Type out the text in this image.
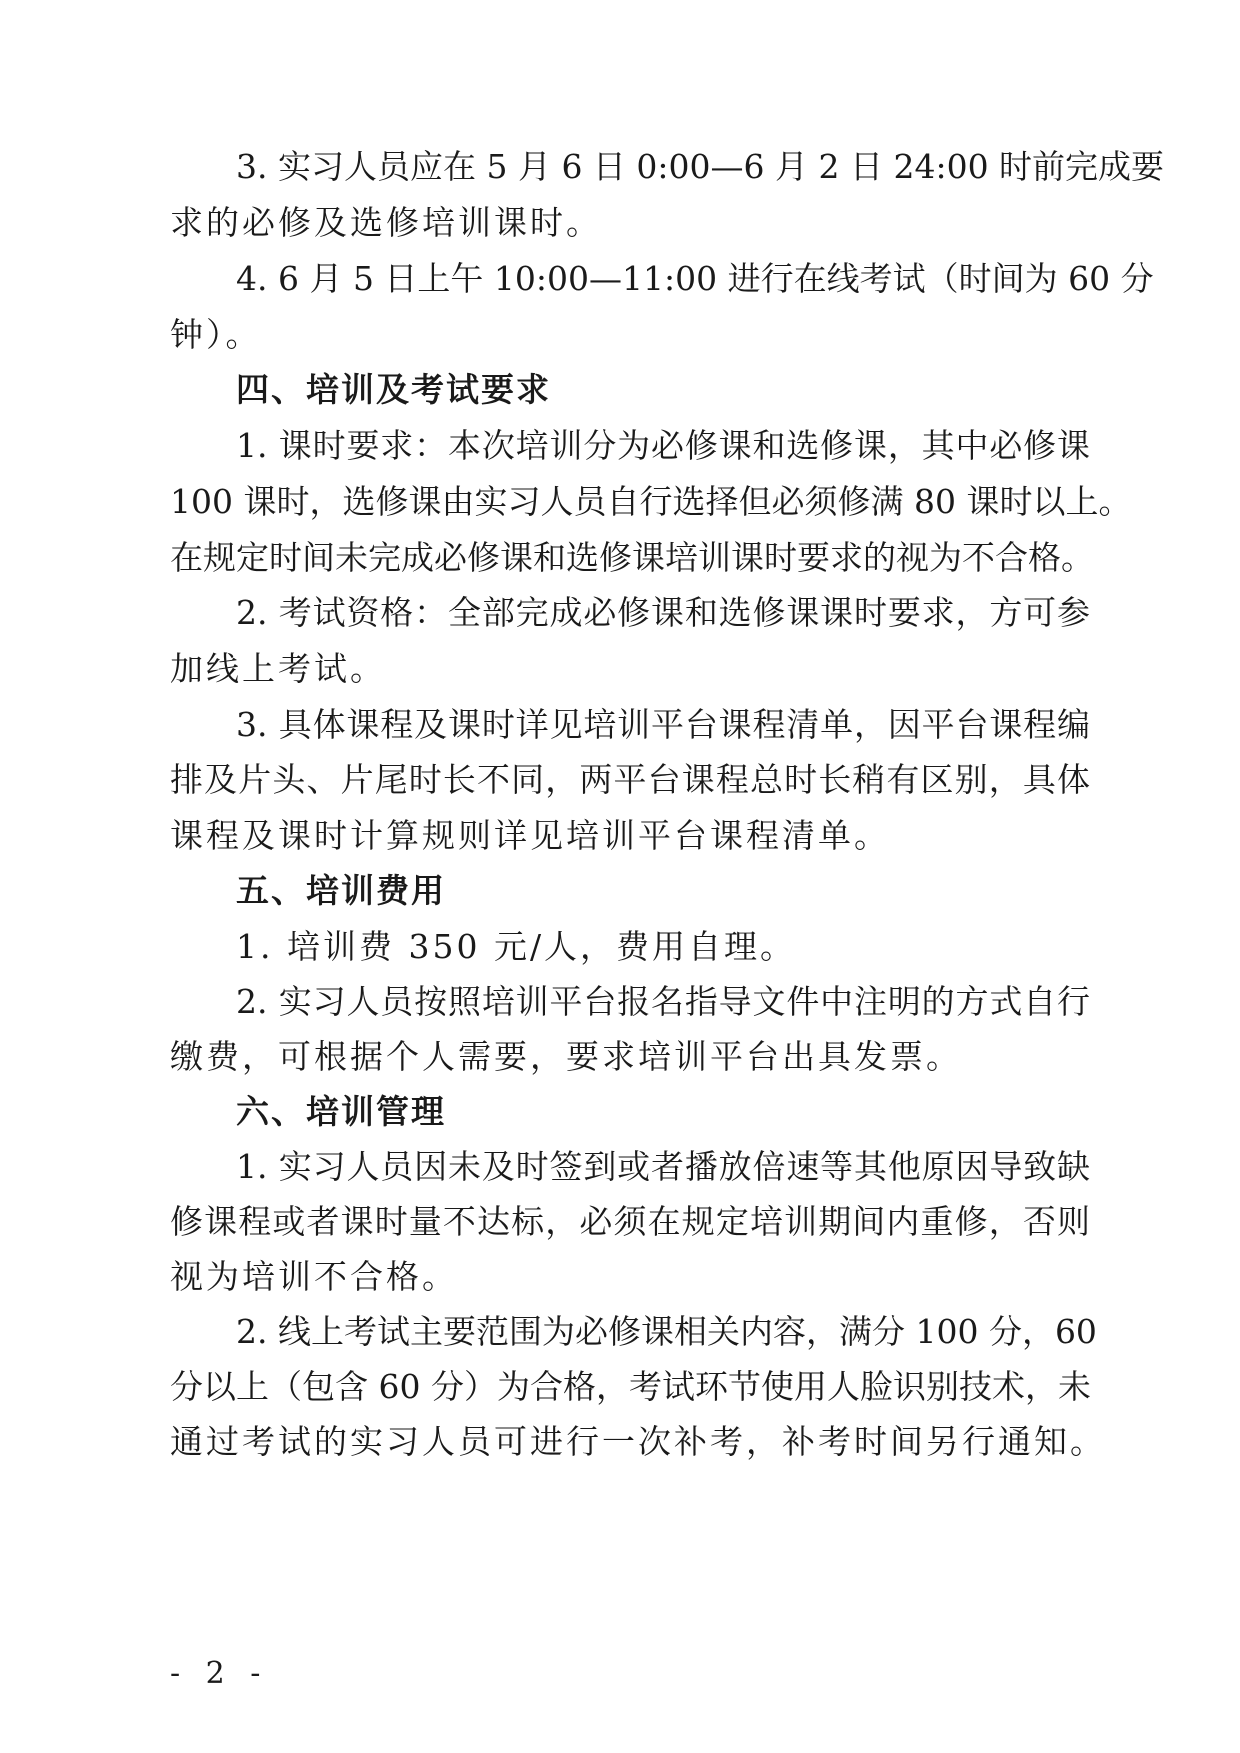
3. 实习人员应在 5 月 6 日 0:00—6 月 2 日 24:00 时前完成要
求的必修及选修培训课时。
4. 6 月 5 日上午 10:00—11:00 进行在线考试（时间为 60 分
钟）。
四、培训及考试要求
1. 课时要求：本次培训分为必修课和选修课，其中必修课
100 课时，选修课由实习人员自行选择但必须修满 80 课时以上。
在规定时间未完成必修课和选修课培训课时要求的视为不合格。
2. 考试资格：全部完成必修课和选修课课时要求，方可参
加线上考试。
3. 具体课程及课时详见培训平台课程清单，因平台课程编
排及片头、片尾时长不同，两平台课程总时长稍有区别，具体
课程及课时计算规则详见培训平台课程清单。
五、培训费用
1. 培训费 350 元/人，费用自理。
2. 实习人员按照培训平台报名指导文件中注明的方式自行
缴费，可根据个人需要，要求培训平台出具发票。
六、培训管理
1. 实习人员因未及时签到或者播放倍速等其他原因导致缺
修课程或者课时量不达标，必须在规定培训期间内重修，否则
视为培训不合格。
2. 线上考试主要范围为必修课相关内容，满分 100 分，60
分以上（包含 60 分）为合格，考试环节使用人脸识别技术，未
通过考试的实习人员可进行一次补考，补考时间另行通知。
- 2 -
